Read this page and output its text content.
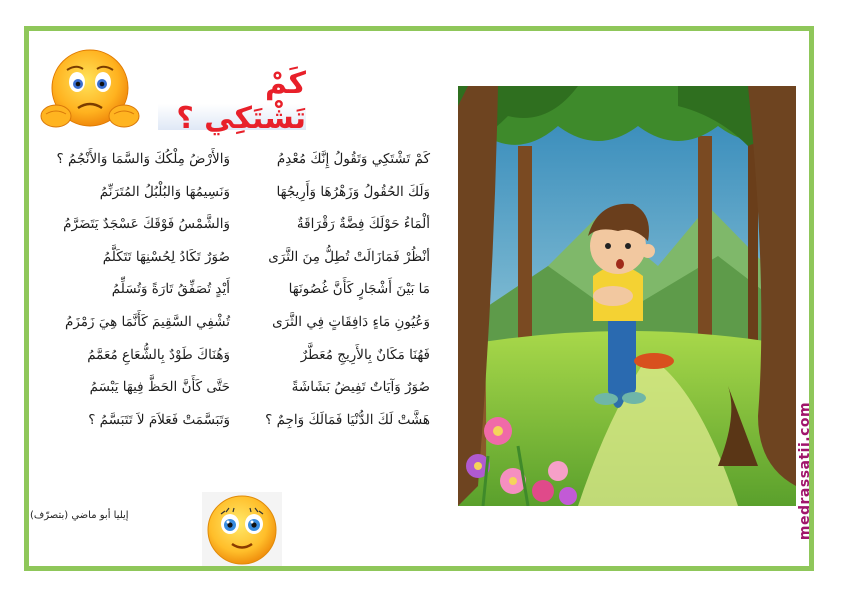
كَمْ تَشْتَكِي ؟
كَمْ تَشْتَكِي وَتَقُولُ إِنَّكَ مُعْدِمُ
وَلَكَ الحُقُولُ وَزَهْرُهَا وَأَرِيجُهَا
ألْمَاءُ حَوْلَكَ فِضَّةٌ رَقْرَاقَةٌ
أنْظُرْ فَمَازَالَتْ تُطِلُّ مِنَ الثَّرَى
مَا بَيْنَ أَشْجَارٍ كَأَنَّ غُصُونَهَا
وَعُيُونِ مَاءٍ دَافِقَاتٍ فِي الثَّرَى
فَهُنَا مَكَانٌ بِالأَرِيجِ مُعَطَّرٌ
صُوَرٌ وَآيَاتٌ تَفِيضُ بَشَاشَةً
هَشَّتْ لَكَ الدُّنْيَا فَمَالَكَ وَاجِمٌ ؟
وَالأَرْضُ مِلْكُكَ وَالسَّمَا وَالأَنْجُمُ ؟
وَنَسِيمُهَا وَالبُلْبُلُ المُتَرَنِّمُ
وَالشَّمْسُ فَوْقَكَ عَسْجَدٌ يَتَضَرَّمُ
صُوَرٌ تَكَادُ لِحُسْنِهَا تَتَكَلَّمُ
أَيْدٍ تُصَفِّقُ تَارَةً وَتُسَلِّمُ
تُشْفِي السَّقِيمَ كَأَنَّمَا هِيَ زَمْزَمُ
وَهُنَاكَ طَوْدٌ بِالشُّعَاعِ مُعَمَّمُ
حَتَّى كَأَنَّ الحَظَّ فِيهَا يَبْسَمُ
وَتَبَسَّمَتْ فَعَلاَمَ لاَ تَتَبَسَّمُ ؟
إيليا أبو ماضي (بتصرّف)	medrassatii.com
